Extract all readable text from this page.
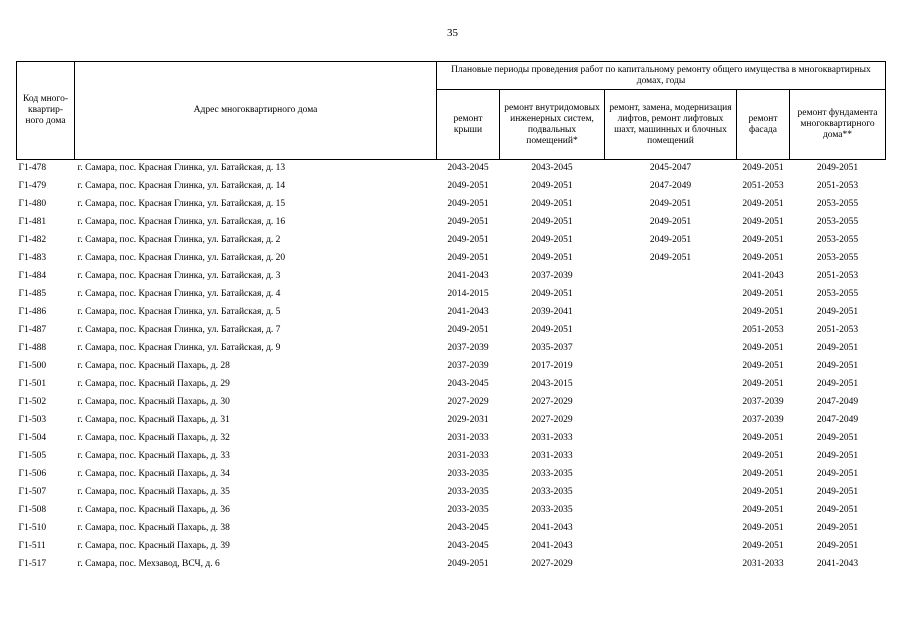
35
Код много-квартир-ного дома	Адрес многоквартирного дома	Плановые периоды проведения работ по капитальному ремонту общего имущества в многоквартирных домах, годы				
		ремонт крыши	ремонт внутридомовых инженерных систем, подвальных помещений*	ремонт, замена, модернизация лифтов, ремонт лифтовых шахт, машинных и блочных помещений	ремонт фасада	ремонт фундамента многоквартирного дома**
Г1-478	г. Самара, пос. Красная Глинка, ул. Батайская, д. 13	2043-2045	2043-2045	2045-2047	2049-2051	2049-2051
Г1-479	г. Самара, пос. Красная Глинка, ул. Батайская, д. 14	2049-2051	2049-2051	2047-2049	2051-2053	2051-2053
Г1-480	г. Самара, пос. Красная Глинка, ул. Батайская, д. 15	2049-2051	2049-2051	2049-2051	2049-2051	2053-2055
Г1-481	г. Самара, пос. Красная Глинка, ул. Батайская, д. 16	2049-2051	2049-2051	2049-2051	2049-2051	2053-2055
Г1-482	г. Самара, пос. Красная Глинка, ул. Батайская, д. 2	2049-2051	2049-2051	2049-2051	2049-2051	2053-2055
Г1-483	г. Самара, пос. Красная Глинка, ул. Батайская, д. 20	2049-2051	2049-2051	2049-2051	2049-2051	2053-2055
Г1-484	г. Самара, пос. Красная Глинка, ул. Батайская, д. 3	2041-2043	2037-2039		2041-2043	2051-2053
Г1-485	г. Самара, пос. Красная Глинка, ул. Батайская, д. 4	2014-2015	2049-2051		2049-2051	2053-2055
Г1-486	г. Самара, пос. Красная Глинка, ул. Батайская, д. 5	2041-2043	2039-2041		2049-2051	2049-2051
Г1-487	г. Самара, пос. Красная Глинка, ул. Батайская, д. 7	2049-2051	2049-2051		2051-2053	2051-2053
Г1-488	г. Самара, пос. Красная Глинка, ул. Батайская, д. 9	2037-2039	2035-2037		2049-2051	2049-2051
Г1-500	г. Самара, пос. Красный Пахарь, д. 28	2037-2039	2017-2019		2049-2051	2049-2051
Г1-501	г. Самара, пос. Красный Пахарь, д. 29	2043-2045	2043-2015		2049-2051	2049-2051
Г1-502	г. Самара, пос. Красный Пахарь, д. 30	2027-2029	2027-2029		2037-2039	2047-2049
Г1-503	г. Самара, пос. Красный Пахарь, д. 31	2029-2031	2027-2029		2037-2039	2047-2049
Г1-504	г. Самара, пос. Красный Пахарь, д. 32	2031-2033	2031-2033		2049-2051	2049-2051
Г1-505	г. Самара, пос. Красный Пахарь, д. 33	2031-2033	2031-2033		2049-2051	2049-2051
Г1-506	г. Самара, пос. Красный Пахарь, д. 34	2033-2035	2033-2035		2049-2051	2049-2051
Г1-507	г. Самара, пос. Красный Пахарь, д. 35	2033-2035	2033-2035		2049-2051	2049-2051
Г1-508	г. Самара, пос. Красный Пахарь, д. 36	2033-2035	2033-2035		2049-2051	2049-2051
Г1-510	г. Самара, пос. Красный Пахарь, д. 38	2043-2045	2041-2043		2049-2051	2049-2051
Г1-511	г. Самара, пос. Красный Пахарь, д. 39	2043-2045	2041-2043		2049-2051	2049-2051
Г1-517	г. Самара, пос. Мехзавод, ВСЧ, д. 6	2049-2051	2027-2029		2031-2033	2041-2043
